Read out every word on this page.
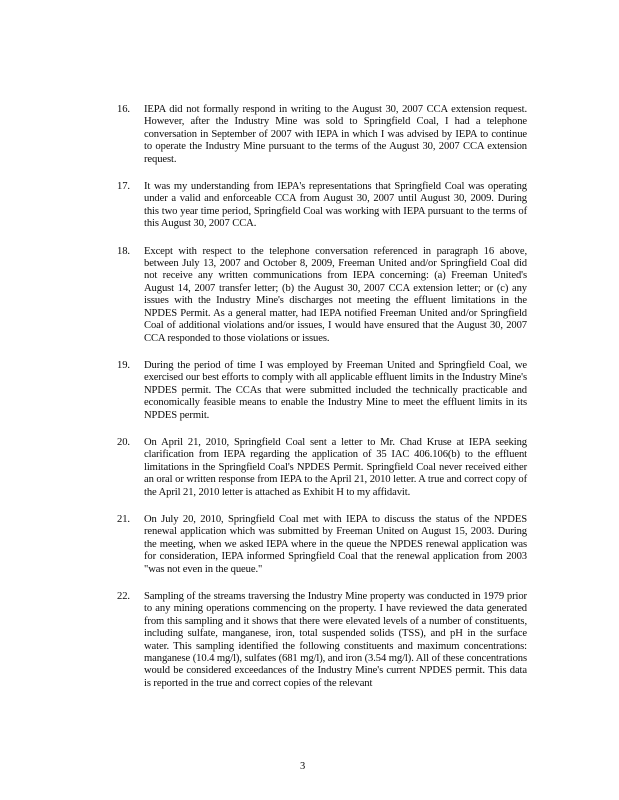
16.	IEPA did not formally respond in writing to the August 30, 2007 CCA extension request. However, after the Industry Mine was sold to Springfield Coal, I had a telephone conversation in September of 2007 with IEPA in which I was advised by IEPA to continue to operate the Industry Mine pursuant to the terms of the August 30, 2007 CCA extension request.
17.	It was my understanding from IEPA's representations that Springfield Coal was operating under a valid and enforceable CCA from August 30, 2007 until August 30, 2009. During this two year time period, Springfield Coal was working with IEPA pursuant to the terms of this August 30, 2007 CCA.
18.	Except with respect to the telephone conversation referenced in paragraph 16 above, between July 13, 2007 and October 8, 2009, Freeman United and/or Springfield Coal did not receive any written communications from IEPA concerning: (a) Freeman United's August 14, 2007 transfer letter; (b) the August 30, 2007 CCA extension letter; or (c) any issues with the Industry Mine's discharges not meeting the effluent limitations in the NPDES Permit. As a general matter, had IEPA notified Freeman United and/or Springfield Coal of additional violations and/or issues, I would have ensured that the August 30, 2007 CCA responded to those violations or issues.
19.	During the period of time I was employed by Freeman United and Springfield Coal, we exercised our best efforts to comply with all applicable effluent limits in the Industry Mine's NPDES permit. The CCAs that were submitted included the technically practicable and economically feasible means to enable the Industry Mine to meet the effluent limits in its NPDES permit.
20.	On April 21, 2010, Springfield Coal sent a letter to Mr. Chad Kruse at IEPA seeking clarification from IEPA regarding the application of 35 IAC 406.106(b) to the effluent limitations in the Springfield Coal's NPDES Permit. Springfield Coal never received either an oral or written response from IEPA to the April 21, 2010 letter. A true and correct copy of the April 21, 2010 letter is attached as Exhibit H to my affidavit.
21.	On July 20, 2010, Springfield Coal met with IEPA to discuss the status of the NPDES renewal application which was submitted by Freeman United on August 15, 2003. During the meeting, when we asked IEPA where in the queue the NPDES renewal application was for consideration, IEPA informed Springfield Coal that the renewal application from 2003 "was not even in the queue."
22.	Sampling of the streams traversing the Industry Mine property was conducted in 1979 prior to any mining operations commencing on the property. I have reviewed the data generated from this sampling and it shows that there were elevated levels of a number of constituents, including sulfate, manganese, iron, total suspended solids (TSS), and pH in the surface water. This sampling identified the following constituents and maximum concentrations: manganese (10.4 mg/l), sulfates (681 mg/l), and iron (3.54 mg/l). All of these concentrations would be considered exceedances of the Industry Mine's current NPDES permit. This data is reported in the true and correct copies of the relevant
3
